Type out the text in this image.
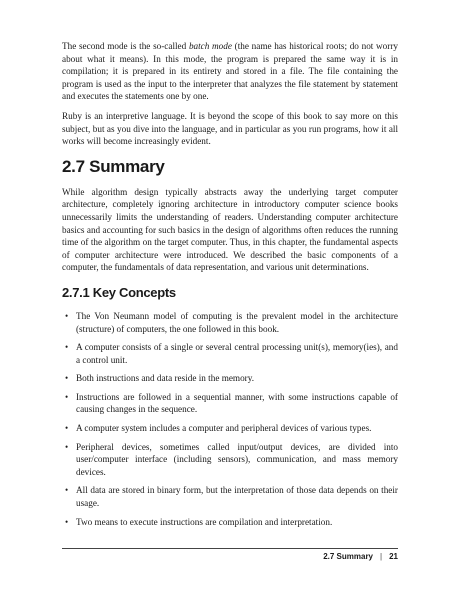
The second mode is the so-called batch mode (the name has historical roots; do not worry about what it means). In this mode, the program is prepared the same way it is in compilation; it is prepared in its entirety and stored in a file. The file containing the program is used as the input to the interpreter that analyzes the file statement by statement and executes the statements one by one.

Ruby is an interpretive language. It is beyond the scope of this book to say more on this subject, but as you dive into the language, and in particular as you run programs, how it all works will become increasingly evident.

2.7 Summary

While algorithm design typically abstracts away the underlying target computer architecture, completely ignoring architecture in introductory computer science books unnecessarily limits the understanding of readers. Understanding computer architecture basics and accounting for such basics in the design of algorithms often reduces the running time of the algorithm on the target computer. Thus, in this chapter, the fundamental aspects of computer architecture were introduced. We described the basic components of a computer, the fundamentals of data representation, and various unit determinations.

2.7.1 Key Concepts
• The Von Neumann model of computing is the prevalent model in the architecture (structure) of computers, the one followed in this book.
• A computer consists of a single or several central processing unit(s), memory(ies), and a control unit.
• Both instructions and data reside in the memory.
• Instructions are followed in a sequential manner, with some instructions capable of causing changes in the sequence.
• A computer system includes a computer and peripheral devices of various types.
• Peripheral devices, sometimes called input/output devices, are divided into user/computer interface (including sensors), communication, and mass memory devices.
• All data are stored in binary form, but the interpretation of those data depends on their usage.
• Two means to execute instructions are compilation and interpretation.
2.7 Summary | 21
